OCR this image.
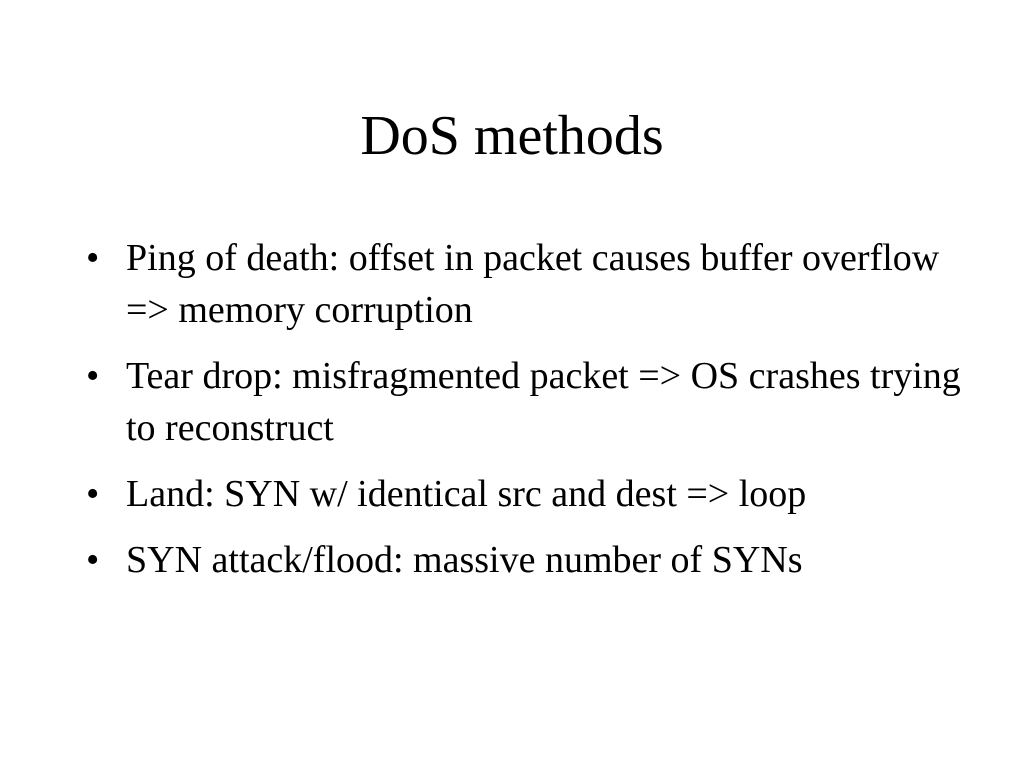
DoS methods
• Ping of death: offset in packet causes buffer overflow => memory corruption
• Tear drop: misfragmented packet => OS crashes trying to reconstruct
• Land: SYN w/ identical src and dest => loop
• SYN attack/flood: massive number of SYNs
